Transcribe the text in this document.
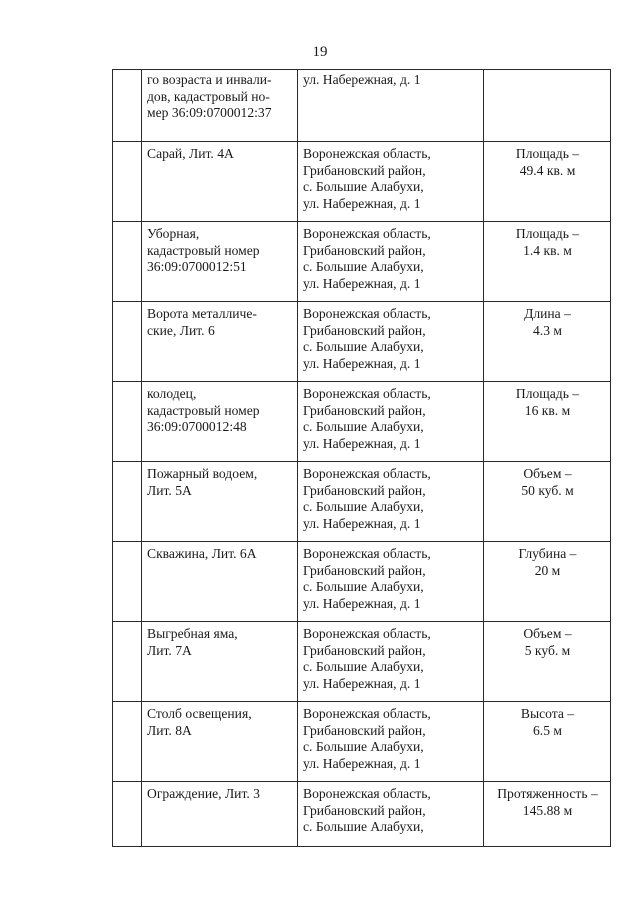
19

	го возраста и инвали-
дов, кадастровый но-
мер 36:09:0700012:37	ул. Набережная, д. 1	

	Сарай, Лит. 4А	Воронежская область,
Грибановский район,
с. Большие Алабухи,
ул. Набережная, д. 1	Площадь –
49.4 кв. м

	Уборная,
кадастровый номер
36:09:0700012:51	Воронежская область,
Грибановский район,
с. Большие Алабухи,
ул. Набережная, д. 1	Площадь –
1.4 кв. м

	Ворота металличе-
ские, Лит. 6	Воронежская область,
Грибановский район,
с. Большие Алабухи,
ул. Набережная, д. 1	Длина –
4.3 м

	колодец,
кадастровый номер
36:09:0700012:48	Воронежская область,
Грибановский район,
с. Большие Алабухи,
ул. Набережная, д. 1	Площадь –
16 кв. м

	Пожарный водоем,
Лит. 5А	Воронежская область,
Грибановский район,
с. Большие Алабухи,
ул. Набережная, д. 1	Объем –
50 куб. м

	Скважина, Лит. 6А	Воронежская область,
Грибановский район,
с. Большие Алабухи,
ул. Набережная, д. 1	Глубина –
20 м

	Выгребная яма,
Лит. 7А	Воронежская область,
Грибановский район,
с. Большие Алабухи,
ул. Набережная, д. 1	Объем –
5 куб. м

	Столб освещения,
Лит. 8А	Воронежская область,
Грибановский район,
с. Большие Алабухи,
ул. Набережная, д. 1	Высота –
6.5 м

	Ограждение, Лит. 3	Воронежская область,
Грибановский район,
с. Большие Алабухи,	Протяженность –
145.88 м
